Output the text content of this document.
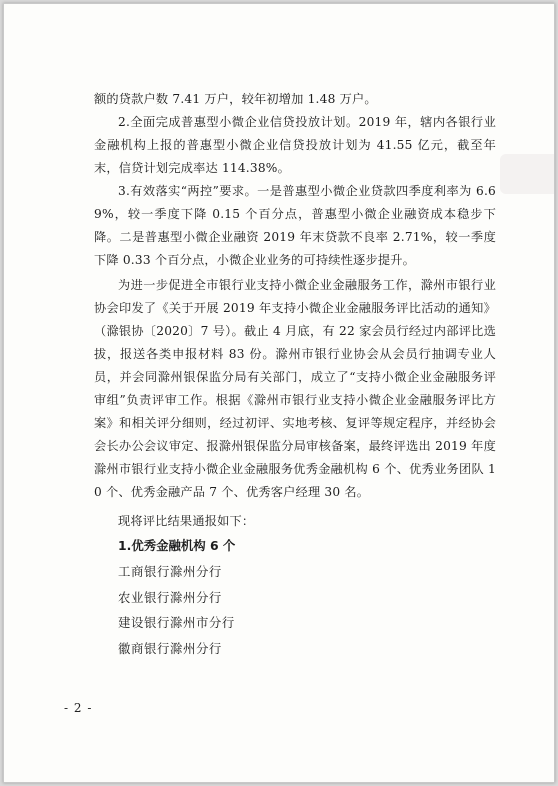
额的贷款户数 7.41 万户，较年初增加 1.48 万户。

2.全面完成普惠型小微企业信贷投放计划。2019 年，辖内各银行业金融机构上报的普惠型小微企业信贷投放计划为 41.55 亿元，截至年末，信贷计划完成率达 114.38%。

3.有效落实“两控”要求。一是普惠型小微企业贷款四季度利率为 6.69%，较一季度下降 0.15 个百分点，普惠型小微企业融资成本稳步下降。二是普惠型小微企业融资 2019 年末贷款不良率 2.71%，较一季度下降 0.33 个百分点，小微企业业务的可持续性逐步提升。

为进一步促进全市银行业支持小微企业金融服务工作，滁州市银行业协会印发了《关于开展 2019 年支持小微企业金融服务评比活动的通知》（滁银协〔2020〕7 号）。截止 4 月底，有 22 家会员行经过内部评比选拔，报送各类申报材料 83 份。滁州市银行业协会从会员行抽调专业人员，并会同滁州银保监分局有关部门，成立了“支持小微企业金融服务评审组”负责评审工作。根据《滁州市银行业支持小微企业金融服务评比方案》和相关评分细则，经过初评、实地考核、复评等规定程序，并经协会会长办公会议审定、报滁州银保监分局审核备案，最终评选出 2019 年度滁州市银行业支持小微企业金融服务优秀金融机构 6 个、优秀业务团队 10 个、优秀金融产品 7 个、优秀客户经理 30 名。

现将评比结果通报如下：

1.优秀金融机构 6 个

工商银行滁州分行

农业银行滁州分行

建设银行滁州市分行

徽商银行滁州分行

- 2 -
